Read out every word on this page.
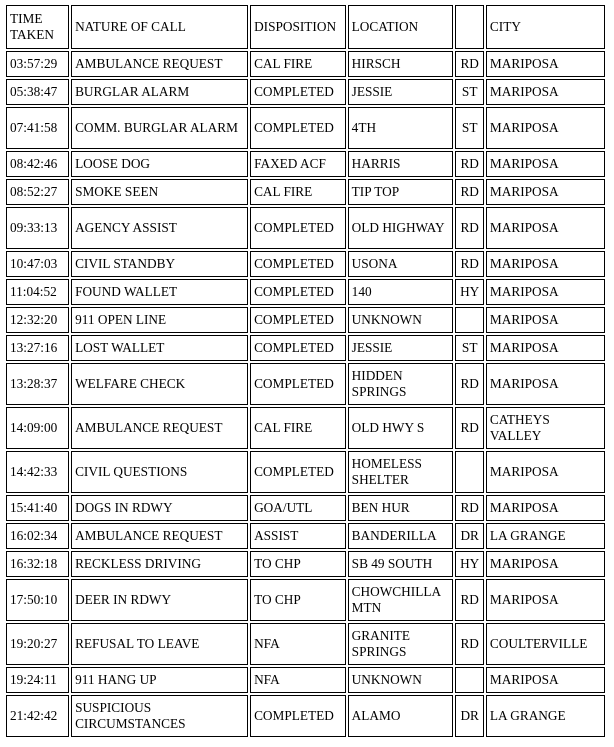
TIME TAKEN	NATURE OF CALL	DISPOSITION	LOCATION		CITY
03:57:29	AMBULANCE REQUEST	CAL FIRE	HIRSCH	RD	MARIPOSA
05:38:47	BURGLAR ALARM	COMPLETED	JESSIE	ST	MARIPOSA
07:41:58	COMM. BURGLAR ALARM	COMPLETED	4TH	ST	MARIPOSA
08:42:46	LOOSE DOG	FAXED ACF	HARRIS	RD	MARIPOSA
08:52:27	SMOKE SEEN	CAL FIRE	TIP TOP	RD	MARIPOSA
09:33:13	AGENCY ASSIST	COMPLETED	OLD HIGHWAY	RD	MARIPOSA
10:47:03	CIVIL STANDBY	COMPLETED	USONA	RD	MARIPOSA
11:04:52	FOUND WALLET	COMPLETED	140	HY	MARIPOSA
12:32:20	911 OPEN LINE	COMPLETED	UNKNOWN		MARIPOSA
13:27:16	LOST WALLET	COMPLETED	JESSIE	ST	MARIPOSA
13:28:37	WELFARE CHECK	COMPLETED	HIDDEN SPRINGS	RD	MARIPOSA
14:09:00	AMBULANCE REQUEST	CAL FIRE	OLD HWY S	RD	CATHEYS VALLEY
14:42:33	CIVIL QUESTIONS	COMPLETED	HOMELESS SHELTER		MARIPOSA
15:41:40	DOGS IN RDWY	GOA/UTL	BEN HUR	RD	MARIPOSA
16:02:34	AMBULANCE REQUEST	ASSIST	BANDERILLA	DR	LA GRANGE
16:32:18	RECKLESS DRIVING	TO CHP	SB 49 SOUTH	HY	MARIPOSA
17:50:10	DEER IN RDWY	TO CHP	CHOWCHILLA MTN	RD	MARIPOSA
19:20:27	REFUSAL TO LEAVE	NFA	GRANITE SPRINGS	RD	COULTERVILLE
19:24:11	911 HANG UP	NFA	UNKNOWN		MARIPOSA
21:42:42	SUSPICIOUS CIRCUMSTANCES	COMPLETED	ALAMO	DR	LA GRANGE
